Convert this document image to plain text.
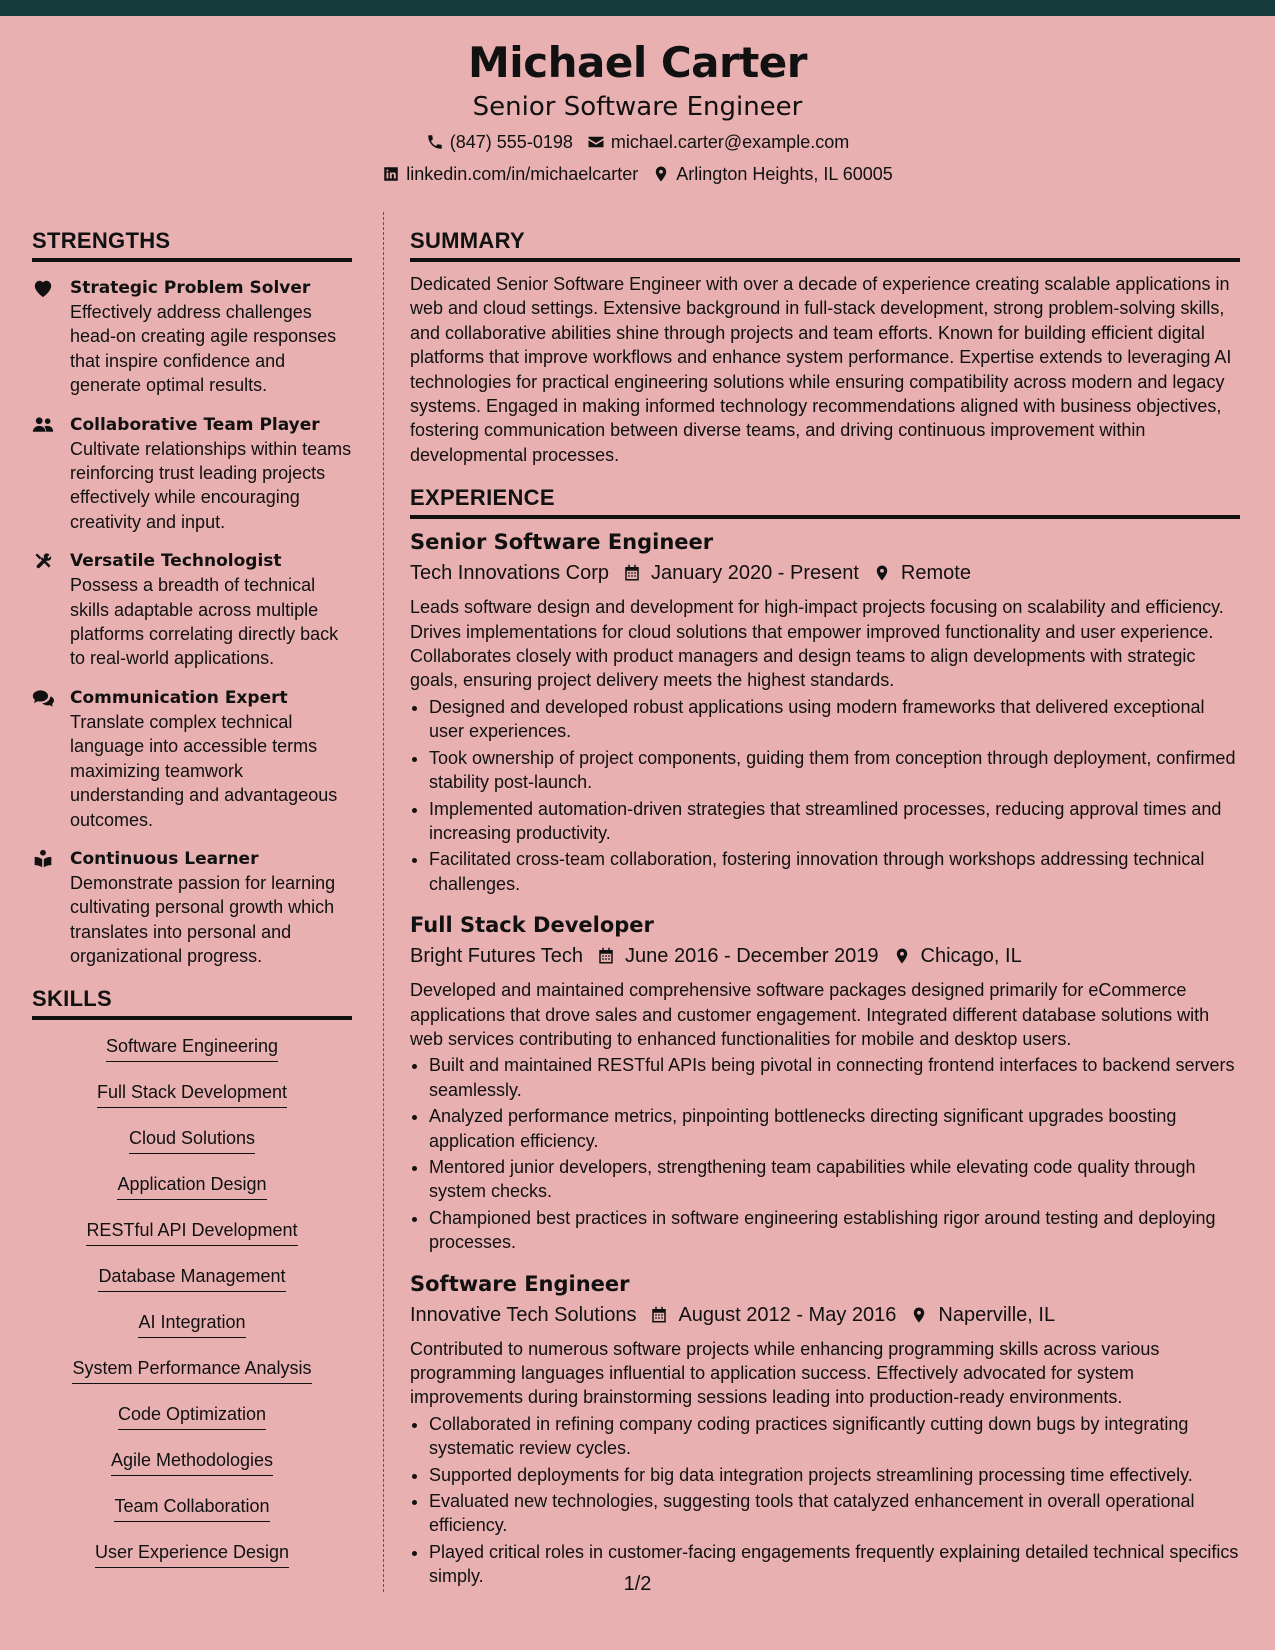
Michael Carter
Senior Software Engineer
(847) 555-0198 michael.carter@example.com
linkedin.com/in/michaelcarter Arlington Heights, IL 60005
STRENGTHS
Strategic Problem Solver
Effectively address challenges head-on creating agile responses that inspire confidence and generate optimal results.
Collaborative Team Player
Cultivate relationships within teams reinforcing trust leading projects effectively while encouraging creativity and input.
Versatile Technologist
Possess a breadth of technical skills adaptable across multiple platforms correlating directly back to real-world applications.
Communication Expert
Translate complex technical language into accessible terms maximizing teamwork understanding and advantageous outcomes.
Continuous Learner
Demonstrate passion for learning cultivating personal growth which translates into personal and organizational progress.
SKILLS
Software Engineering
Full Stack Development
Cloud Solutions
Application Design
RESTful API Development
Database Management
AI Integration
System Performance Analysis
Code Optimization
Agile Methodologies
Team Collaboration
User Experience Design
SUMMARY
Dedicated Senior Software Engineer with over a decade of experience creating scalable applications in web and cloud settings. Extensive background in full-stack development, strong problem-solving skills, and collaborative abilities shine through projects and team efforts. Known for building efficient digital platforms that improve workflows and enhance system performance. Expertise extends to leveraging AI technologies for practical engineering solutions while ensuring compatibility across modern and legacy systems. Engaged in making informed technology recommendations aligned with business objectives, fostering communication between diverse teams, and driving continuous improvement within developmental processes.
EXPERIENCE
Senior Software Engineer
Tech Innovations Corp January 2020 - Present Remote
Leads software design and development for high-impact projects focusing on scalability and efficiency. Drives implementations for cloud solutions that empower improved functionality and user experience. Collaborates closely with product managers and design teams to align developments with strategic goals, ensuring project delivery meets the highest standards.
• Designed and developed robust applications using modern frameworks that delivered exceptional user experiences.
• Took ownership of project components, guiding them from conception through deployment, confirmed stability post-launch.
• Implemented automation-driven strategies that streamlined processes, reducing approval times and increasing productivity.
• Facilitated cross-team collaboration, fostering innovation through workshops addressing technical challenges.
Full Stack Developer
Bright Futures Tech June 2016 - December 2019 Chicago, IL
Developed and maintained comprehensive software packages designed primarily for eCommerce applications that drove sales and customer engagement. Integrated different database solutions with web services contributing to enhanced functionalities for mobile and desktop users.
• Built and maintained RESTful APIs being pivotal in connecting frontend interfaces to backend servers seamlessly.
• Analyzed performance metrics, pinpointing bottlenecks directing significant upgrades boosting application efficiency.
• Mentored junior developers, strengthening team capabilities while elevating code quality through system checks.
• Championed best practices in software engineering establishing rigor around testing and deploying processes.
Software Engineer
Innovative Tech Solutions August 2012 - May 2016 Naperville, IL
Contributed to numerous software projects while enhancing programming skills across various programming languages influential to application success. Effectively advocated for system improvements during brainstorming sessions leading into production-ready environments.
• Collaborated in refining company coding practices significantly cutting down bugs by integrating systematic review cycles.
• Supported deployments for big data integration projects streamlining processing time effectively.
• Evaluated new technologies, suggesting tools that catalyzed enhancement in overall operational efficiency.
• Played critical roles in customer-facing engagements frequently explaining detailed technical specifics simply.	1/2
